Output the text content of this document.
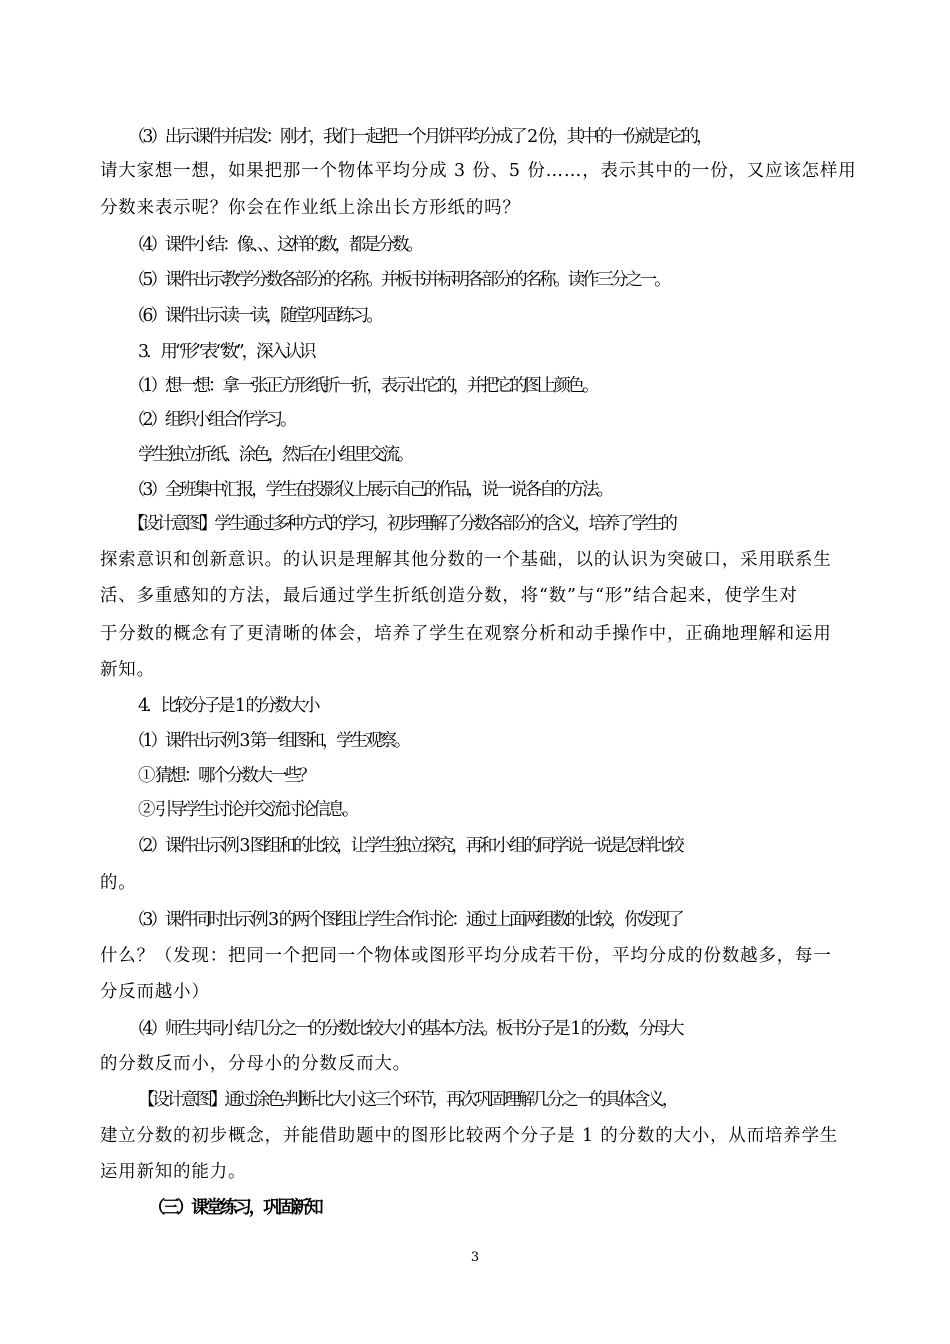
（3）出示课件并启发：刚才，我们一起把一个月饼平均分成了 2 份，其中的一份就是它的，
请大家想一想，如果把那一个物体平均分成 3 份、5 份……，表示其中的一份，又应该怎样用
分数来表示呢？你会在作业纸上涂出长方形纸的吗？
（4）课件小结：像、、、这样的数，都是分数。
（5）课件出示教学分数各部分的名称。并板书并标明各部分的名称。读作三分之一。
（6）课件出示读一读，随堂巩固练习。
3．用“形”表“数”，深入认识
（1）想一想：拿一张正方形纸折一折，表示出它的，并把它的图上颜色。
（2）组织小组合作学习。
学生独立折纸、涂色，然后在小组里交流。
（3）全班集中汇报，学生在投影仪上展示自己的作品，说一说各自的方法。
【设计意图】学生通过多种方式的学习，初步理解了分数各部分的含义，培养了学生的
探索意识和创新意识。的认识是理解其他分数的一个基础，以的认识为突破口，采用联系生
活、多重感知的方法，最后通过学生折纸创造分数，将“数”与“形”结合起来，使学生对
于分数的概念有了更清晰的体会，培养了学生在观察分析和动手操作中，正确地理解和运用
新知。
4．比较分子是 1 的分数大小
（1）课件出示例 3 第一组图和，学生观察。
① 猜想：哪个分数大一些？
② 引导学生讨论并交流讨论信息。
（2）课件出示例 3 图组和的比较，让学生独立探究，再和小组的同学说一说是怎样比较
的。
（3）课件同时出示例 3 的两个图组让学生合作讨论：通过上面两组数的比较，你发现了
什么？（发现：把同一个把同一个物体或图形平均分成若干份，平均分成的份数越多，每一
分反而越小）
（4）师生共同小结几分之一的分数比较大小的基本方法。板书分子是 1 的分数，分母大
的分数反而小，分母小的分数反而大。
【设计意图】通过涂色-判断-比大小这三个环节，再次巩固理解几分之一的具体含义，
建立分数的初步概念，并能借助题中的图形比较两个分子是 1 的分数的大小，从而培养学生
运用新知的能力。
（三）课堂练习，巩固新知
3
